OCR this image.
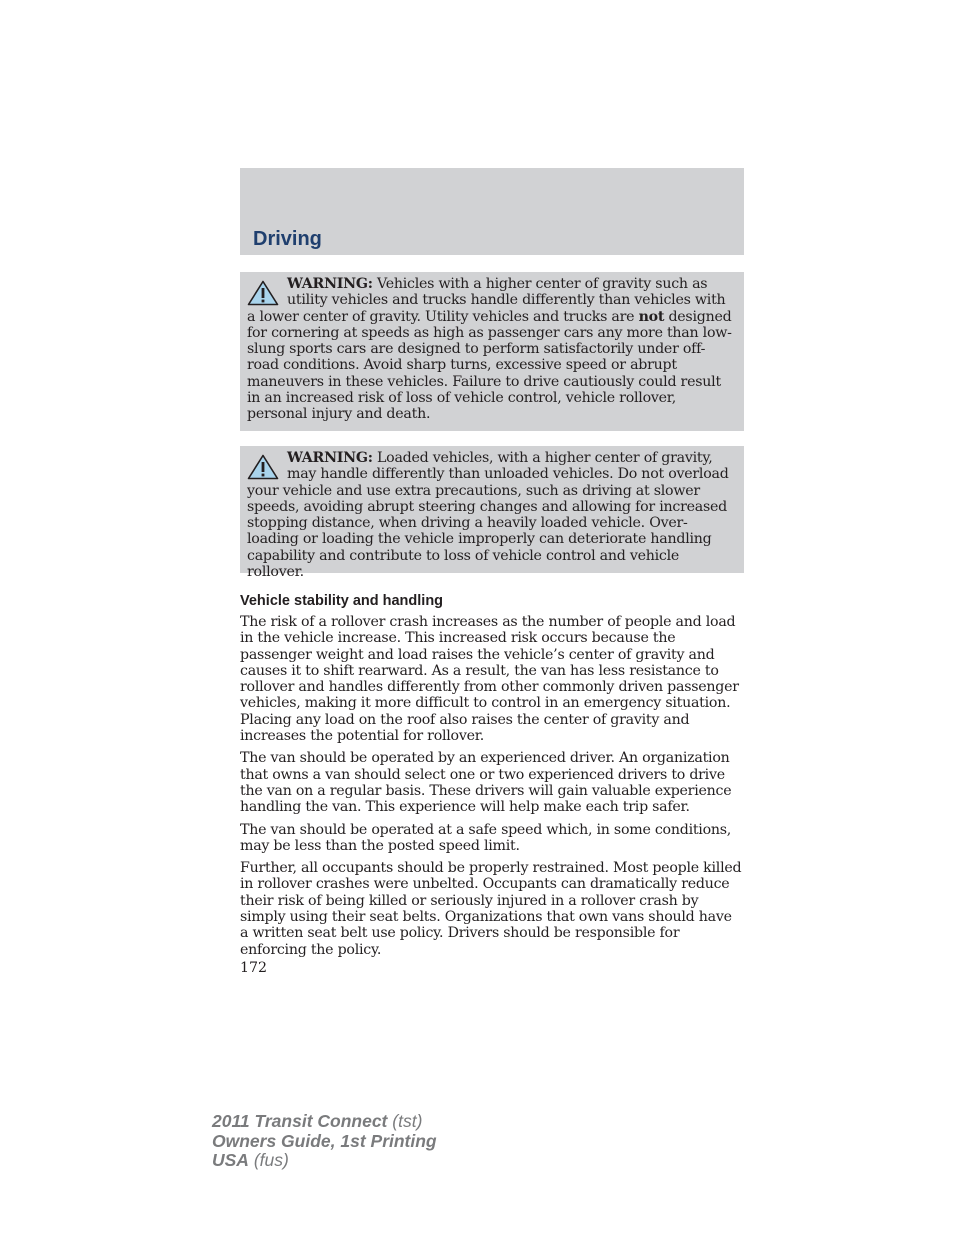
Driving

WARNING: Vehicles with a higher center of gravity such as utility vehicles and trucks handle differently than vehicles with a lower center of gravity. Utility vehicles and trucks are not designed for cornering at speeds as high as passenger cars any more than low-slung sports cars are designed to perform satisfactorily under off-road conditions. Avoid sharp turns, excessive speed or abrupt maneuvers in these vehicles. Failure to drive cautiously could result in an increased risk of loss of vehicle control, vehicle rollover, personal injury and death.

WARNING: Loaded vehicles, with a higher center of gravity, may handle differently than unloaded vehicles. Do not overload your vehicle and use extra precautions, such as driving at slower speeds, avoiding abrupt steering changes and allowing for increased stopping distance, when driving a heavily loaded vehicle. Over-loading or loading the vehicle improperly can deteriorate handling capability and contribute to loss of vehicle control and vehicle rollover.

Vehicle stability and handling

The risk of a rollover crash increases as the number of people and load in the vehicle increase. This increased risk occurs because the passenger weight and load raises the vehicle’s center of gravity and causes it to shift rearward. As a result, the van has less resistance to rollover and handles differently from other commonly driven passenger vehicles, making it more difficult to control in an emergency situation. Placing any load on the roof also raises the center of gravity and increases the potential for rollover.

The van should be operated by an experienced driver. An organization that owns a van should select one or two experienced drivers to drive the van on a regular basis. These drivers will gain valuable experience handling the van. This experience will help make each trip safer.

The van should be operated at a safe speed which, in some conditions, may be less than the posted speed limit.

Further, all occupants should be properly restrained. Most people killed in rollover crashes were unbelted. Occupants can dramatically reduce their risk of being killed or seriously injured in a rollover crash by simply using their seat belts. Organizations that own vans should have a written seat belt use policy. Drivers should be responsible for enforcing the policy.

172
2011 Transit Connect (tst)
Owners Guide, 1st Printing
USA (fus)
